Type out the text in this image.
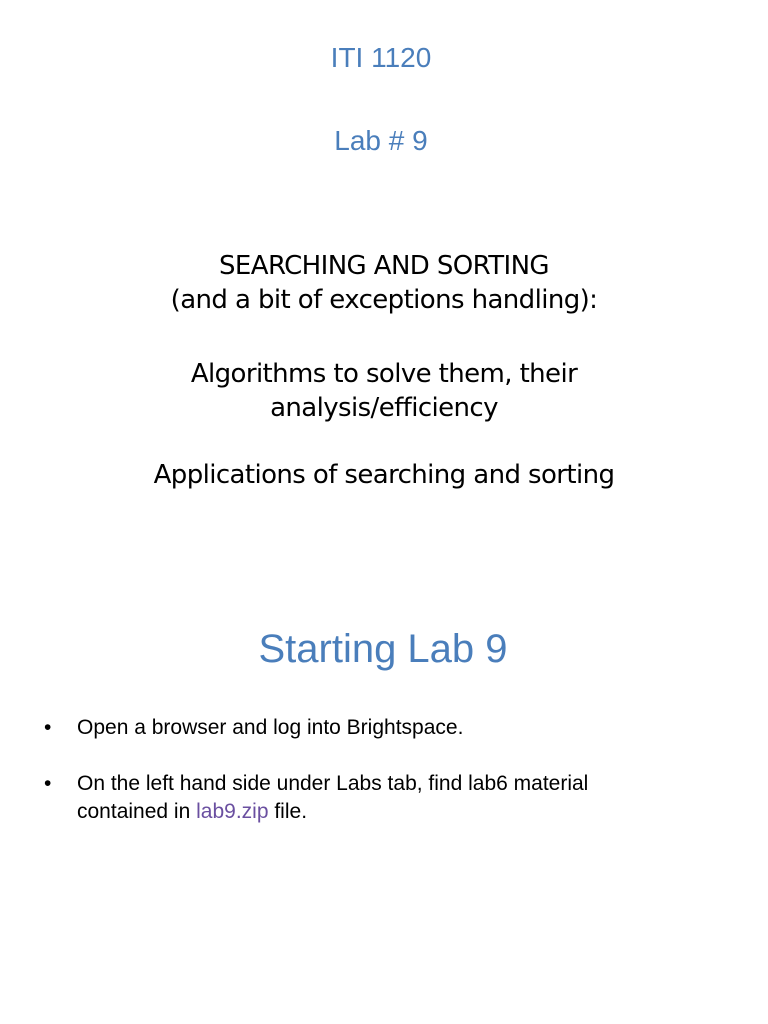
ITI 1120
Lab # 9
SEARCHING AND SORTING
(and a bit of exceptions handling):
Algorithms to solve them, their
analysis/efficiency
Applications of searching and sorting
Starting Lab 9
• Open a browser and log into Brightspace.
• On the left hand side under Labs tab, find lab6 material
contained in lab9.zip file.
